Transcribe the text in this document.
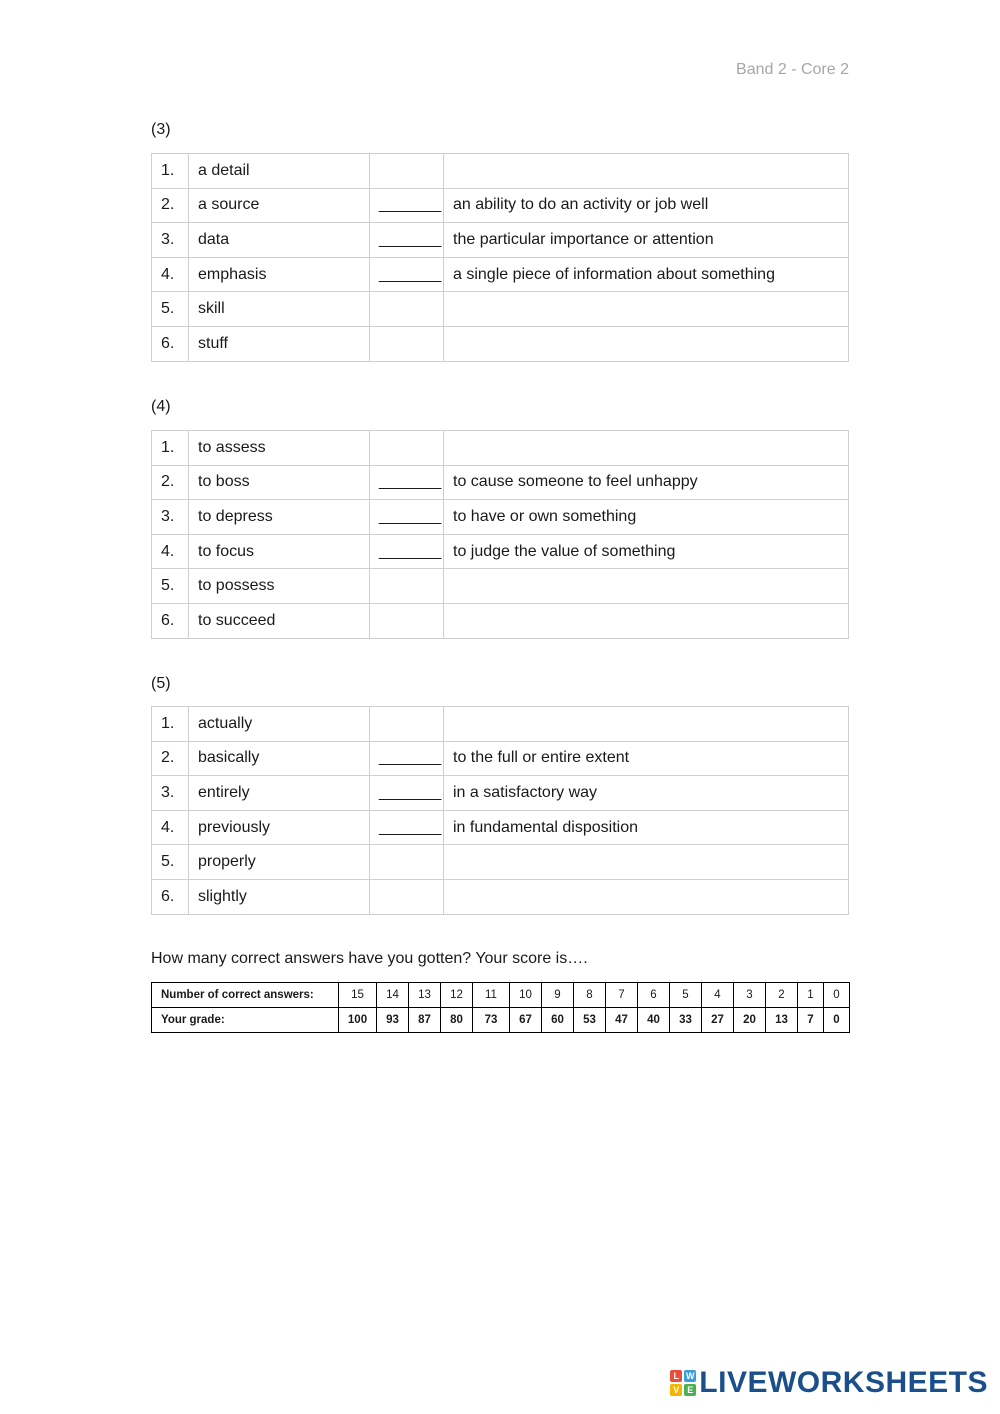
Band 2 - Core 2
(3)
1.	a detail		
2.	a source	_______	an ability to do an activity or job well
3.	data	_______	the particular importance or attention
4.	emphasis	_______	a single piece of information about something
5.	skill		
6.	stuff		
(4)
1.	to assess		
2.	to boss	_______	to cause someone to feel unhappy
3.	to depress	_______	to have or own something
4.	to focus	_______	to judge the value of something
5.	to possess		
6.	to succeed		
(5)
1.	actually		
2.	basically	_______	to the full or entire extent
3.	entirely	_______	in a satisfactory way
4.	previously	_______	in fundamental disposition
5.	properly		
6.	slightly		
How many correct answers have you gotten? Your score is….
Number of correct answers:	15	14	13	12	11	10	9	8	7	6	5	4	3	2	1	0
Your grade:	100	93	87	80	73	67	60	53	47	40	33	27	20	13	7	0
L W
V E LIVEWORKSHEETS
